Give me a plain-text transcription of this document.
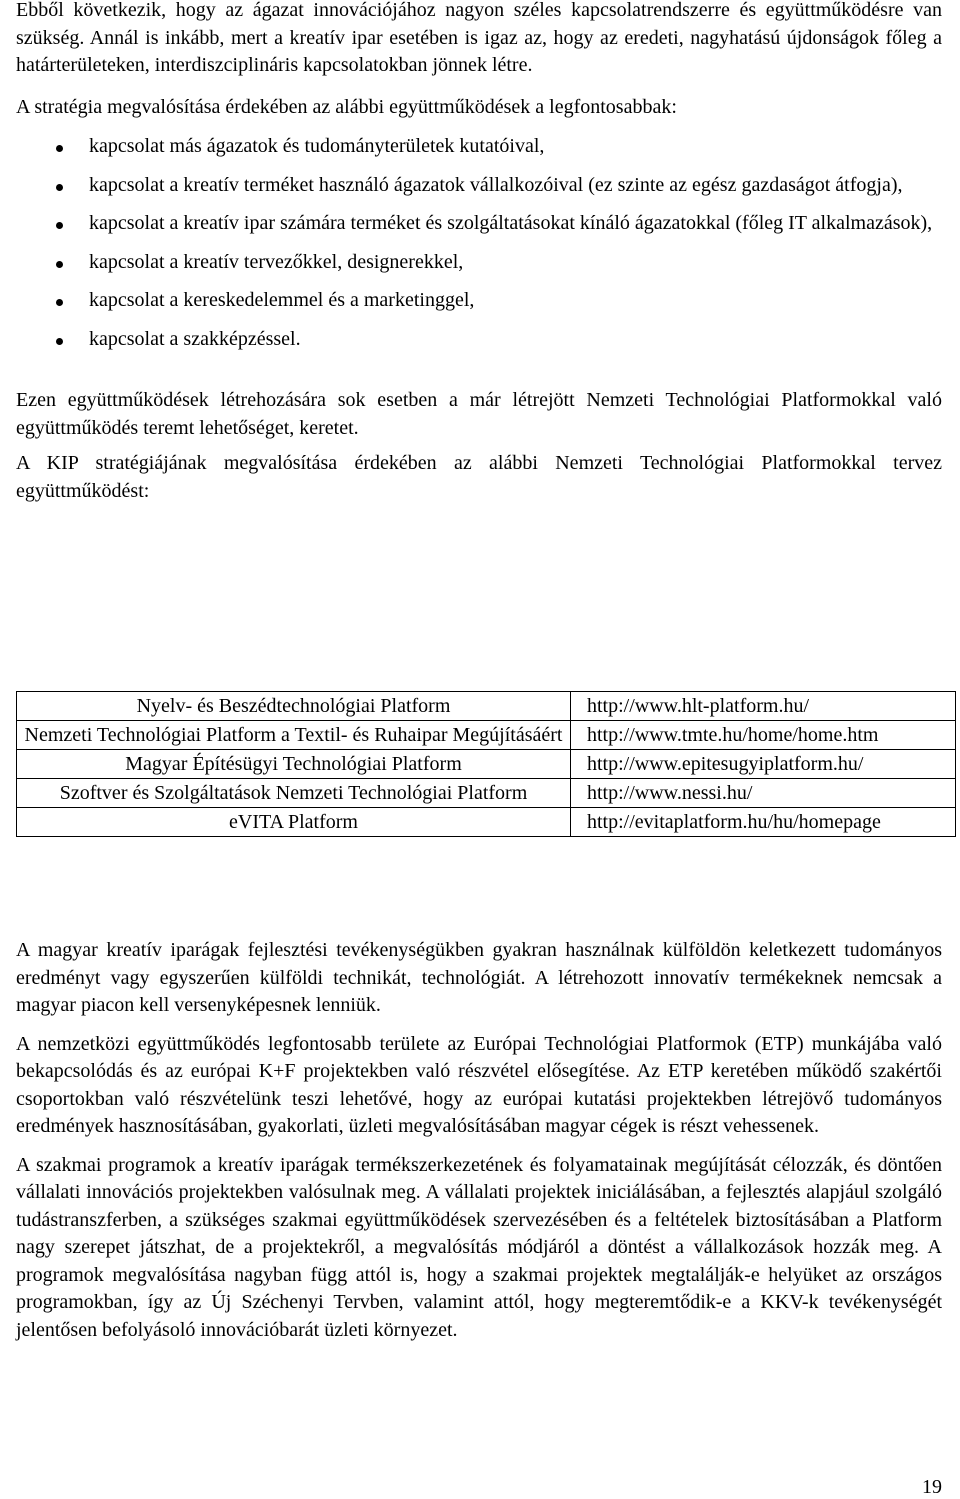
Ebből következik, hogy az ágazat innovációjához nagyon széles kapcsolatrendszerre és együttműködésre van szükség. Annál is inkább, mert a kreatív ipar esetében is igaz az, hogy az eredeti, nagyhatású újdonságok főleg a határterületeken, interdiszciplináris kapcsolatokban jönnek létre.

A stratégia megvalósítása érdekében az alábbi együttműködések a legfontosabbak:

kapcsolat más ágazatok és tudományterületek kutatóival,
kapcsolat a kreatív terméket használó ágazatok vállalkozóival (ez szinte az egész gazdaságot átfogja),
kapcsolat a kreatív ipar számára terméket és szolgáltatásokat kínáló ágazatokkal (főleg IT alkalmazások),
kapcsolat a kreatív tervezőkkel, designerekkel,
kapcsolat a kereskedelemmel és a marketinggel,
kapcsolat a szakképzéssel.

Ezen együttműködések létrehozására sok esetben a már létrejött Nemzeti Technológiai Platformokkal való együttműködés teremt lehetőséget, keretet.

A KIP stratégiájának megvalósítása érdekében az alábbi Nemzeti Technológiai Platformokkal tervez együttműködést:

Nyelv- és Beszédtechnológiai Platform	http://www.hlt-platform.hu/
Nemzeti Technológiai Platform a Textil- és Ruhaipar Megújításáért	http://www.tmte.hu/home/home.htm
Magyar Építésügyi Technológiai Platform	http://www.epitesugyiplatform.hu/
Szoftver és Szolgáltatások Nemzeti Technológiai Platform	http://www.nessi.hu/
eVITA Platform	http://evitaplatform.hu/hu/homepage

A magyar kreatív iparágak fejlesztési tevékenységükben gyakran használnak külföldön keletkezett tudományos eredményt vagy egyszerűen külföldi technikát, technológiát. A létrehozott innovatív termékeknek nemcsak a magyar piacon kell versenyképesnek lenniük.

A nemzetközi együttműködés legfontosabb területe az Európai Technológiai Platformok (ETP) munkájába való bekapcsolódás és az európai K+F projektekben való részvétel elősegítése. Az ETP keretében működő szakértői csoportokban való részvételünk teszi lehetővé, hogy az európai kutatási projektekben létrejövő tudományos eredmények hasznosításában, gyakorlati, üzleti megvalósításában magyar cégek is részt vehessenek.

A szakmai programok a kreatív iparágak termékszerkezetének és folyamatainak megújítását célozzák, és döntően vállalati innovációs projektekben valósulnak meg. A vállalati projektek iniciálásában, a fejlesztés alapjául szolgáló tudástranszferben, a szükséges szakmai együttműködések szervezésében és a feltételek biztosításában a Platform nagy szerepet játszhat, de a projektekről, a megvalósítás módjáról a döntést a vállalkozások hozzák meg. A programok megvalósítása nagyban függ attól is, hogy a szakmai projektek megtalálják-e helyüket az országos programokban, így az Új Széchenyi Tervben, valamint attól, hogy megteremtődik-e a KKV-k tevékenységét jelentősen befolyásoló innovációbarát üzleti környezet.

19
